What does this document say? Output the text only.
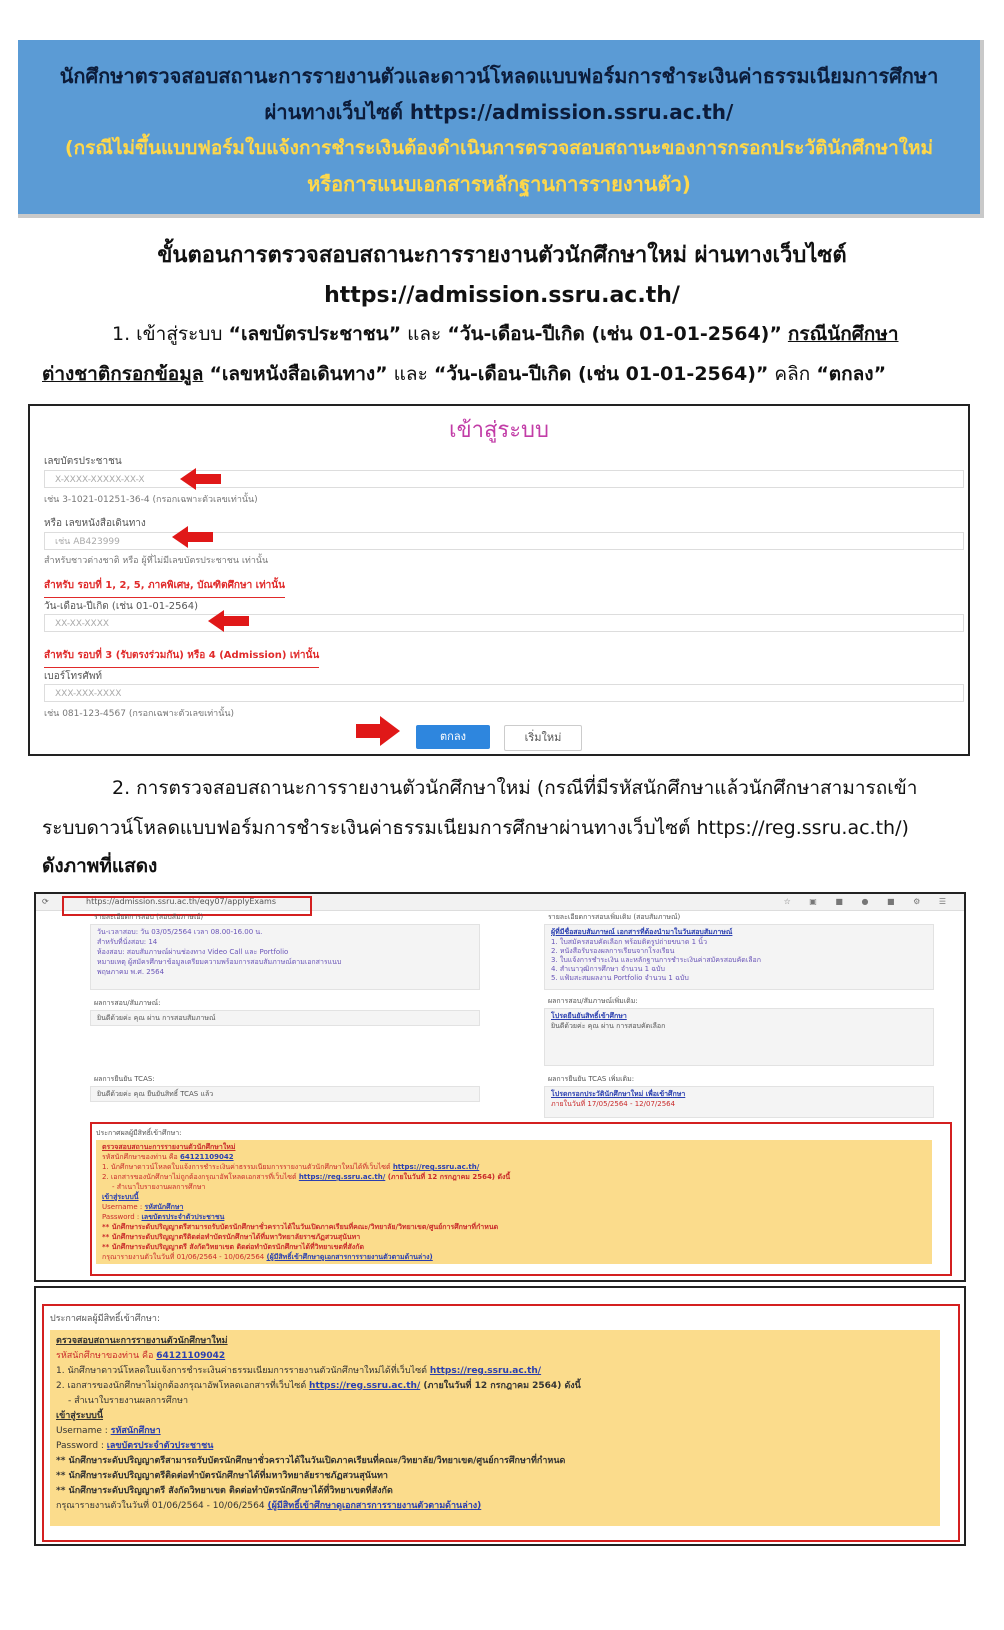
นักศึกษาตรวจสอบสถานะการรายงานตัวและดาวน์โหลดแบบฟอร์มการชำระเงินค่าธรรมเนียมการศึกษา
ผ่านทางเว็บไซต์ https://admission.ssru.ac.th/
(กรณีไม่ขึ้นแบบฟอร์มใบแจ้งการชำระเงินต้องดำเนินการตรวจสอบสถานะของการกรอกประวัตินักศึกษาใหม่
หรือการแนบเอกสารหลักฐานการรายงานตัว)
ขั้นตอนการตรวจสอบสถานะการรายงานตัวนักศึกษาใหม่ ผ่านทางเว็บไซต์
https://admission.ssru.ac.th/
1. เข้าสู่ระบบ “เลขบัตรประชาชน” และ “วัน-เดือน-ปีเกิด (เช่น 01-01-2564)” กรณีนักศึกษา
ต่างชาติกรอกข้อมูล “เลขหนังสือเดินทาง” และ “วัน-เดือน-ปีเกิด (เช่น 01-01-2564)” คลิก “ตกลง”
เข้าสู่ระบบ
เลขบัตรประชาชน
X-XXXX-XXXXX-XX-X
เช่น 3-1021-01251-36-4 (กรอกเฉพาะตัวเลขเท่านั้น)
หรือ เลขหนังสือเดินทาง
เช่น AB423999
สำหรับชาวต่างชาติ หรือ ผู้ที่ไม่มีเลขบัตรประชาชน เท่านั้น
สำหรับ รอบที่ 1, 2, 5, ภาคพิเศษ, บัณฑิตศึกษา เท่านั้น
วัน-เดือน-ปีเกิด (เช่น 01-01-2564)
XX-XX-XXXX
สำหรับ รอบที่ 3 (รับตรงร่วมกัน) หรือ 4 (Admission) เท่านั้น
เบอร์โทรศัพท์
XXX-XXX-XXXX
เช่น 081-123-4567 (กรอกเฉพาะตัวเลขเท่านั้น)
ตกลง	เริ่มใหม่
2. การตรวจสอบสถานะการรายงานตัวนักศึกษาใหม่ (กรณีที่มีรหัสนักศึกษาแล้วนักศึกษาสามารถเข้า
ระบบดาวน์โหลดแบบฟอร์มการชำระเงินค่าธรรมเนียมการศึกษาผ่านทางเว็บไซต์ https://reg.ssru.ac.th/)
ดังภาพที่แสดง
⟳	https://admission.ssru.ac.th/eqy07/applyExams	☆ ▣ ■ ● ■ ⚙ ☰
รายละเอียดการสอบ (สอบสัมภาษณ์)
วัน-เวลาสอบ: วัน 03/05/2564 เวลา 08.00-16.00 น.
สำหรับที่นั่งสอบ: 14
ห้องสอบ: สอบสัมภาษณ์ผ่านช่องทาง Video Call และ Portfolio
หมายเหตุ ผู้สมัครศึกษาข้อมูลเตรียมความพร้อมการสอบสัมภาษณ์ตามเอกสารแนบ
พฤษภาคม พ.ศ. 2564
ผลการสอบ/สัมภาษณ์:
ยินดีด้วยค่ะ คุณ ผ่าน การสอบสัมภาษณ์
ผลการยืนยัน TCAS:
ยินดีด้วยค่ะ คุณ ยืนยันสิทธิ์ TCAS แล้ว
รายละเอียดการสอบเพิ่มเติม (สอบสัมภาษณ์)
ผู้ที่มีชื่อสอบสัมภาษณ์ เอกสารที่ต้องนำมาในวันสอบสัมภาษณ์
1. ใบสมัครสอบคัดเลือก พร้อมติดรูปถ่ายขนาด 1 นิ้ว
2. หนังสือรับรองผลการเรียนจากโรงเรียน
3. ใบแจ้งการชำระเงิน และหลักฐานการชำระเงินค่าสมัครสอบคัดเลือก
4. สำเนาวุฒิการศึกษา จำนวน 1 ฉบับ
5. แฟ้มสะสมผลงาน Portfolio จำนวน 1 ฉบับ
ผลการสอบ/สัมภาษณ์เพิ่มเติม:
โปรดยืนยันสิทธิ์เข้าศึกษา
ยินดีด้วยค่ะ คุณ ผ่าน การสอบคัดเลือก
ผลการยืนยัน TCAS เพิ่มเติม:
โปรดกรอกประวัตินักศึกษาใหม่ เพื่อเข้าศึกษา
ภายในวันที่ 17/05/2564 - 12/07/2564
ประกาศผลผู้มีสิทธิ์เข้าศึกษา:
ตรวจสอบสถานะการรายงานตัวนักศึกษาใหม่
รหัสนักศึกษาของท่าน คือ 64121109042
1. นักศึกษาดาวน์โหลดใบแจ้งการชำระเงินค่าธรรมเนียมการรายงานตัวนักศึกษาใหม่ได้ที่เว็บไซต์ https://reg.ssru.ac.th/
2. เอกสารของนักศึกษาไม่ถูกต้องกรุณาอัพโหลดเอกสารที่เว็บไซต์ https://reg.ssru.ac.th/ (ภายในวันที่ 12 กรกฎาคม 2564) ดังนี้
- สำเนาใบรายงานผลการศึกษา
เข้าสู่ระบบนี้
Username : รหัสนักศึกษา
Password : เลขบัตรประจำตัวประชาชน
** นักศึกษาระดับปริญญาตรีสามารถรับบัตรนักศึกษาชั่วคราวได้ในวันเปิดภาคเรียนที่คณะ/วิทยาลัย/วิทยาเขต/ศูนย์การศึกษาที่กำหนด
** นักศึกษาระดับปริญญาตรีติดต่อทำบัตรนักศึกษาได้ที่มหาวิทยาลัยราชภัฏสวนสุนันทา
** นักศึกษาระดับปริญญาตรี สังกัดวิทยาเขต ติดต่อทำบัตรนักศึกษาได้ที่วิทยาเขตที่สังกัด
กรุณารายงานตัวในวันที่ 01/06/2564 - 10/06/2564 (ผู้มีสิทธิ์เข้าศึกษาดูเอกสารการรายงานตัวตามด้านล่าง)
ประกาศผลผู้มีสิทธิ์เข้าศึกษา:
ตรวจสอบสถานะการรายงานตัวนักศึกษาใหม่
รหัสนักศึกษาของท่าน คือ 64121109042
1. นักศึกษาดาวน์โหลดใบแจ้งการชำระเงินค่าธรรมเนียมการรายงานตัวนักศึกษาใหม่ได้ที่เว็บไซต์ https://reg.ssru.ac.th/
2. เอกสารของนักศึกษาไม่ถูกต้องกรุณาอัพโหลดเอกสารที่เว็บไซต์ https://reg.ssru.ac.th/ (ภายในวันที่ 12 กรกฎาคม 2564) ดังนี้
- สำเนาใบรายงานผลการศึกษา
เข้าสู่ระบบนี้
Username : รหัสนักศึกษา
Password : เลขบัตรประจำตัวประชาชน
** นักศึกษาระดับปริญญาตรีสามารถรับบัตรนักศึกษาชั่วคราวได้ในวันเปิดภาคเรียนที่คณะ/วิทยาลัย/วิทยาเขต/ศูนย์การศึกษาที่กำหนด
** นักศึกษาระดับปริญญาตรีติดต่อทำบัตรนักศึกษาได้ที่มหาวิทยาลัยราชภัฏสวนสุนันทา
** นักศึกษาระดับปริญญาตรี สังกัดวิทยาเขต ติดต่อทำบัตรนักศึกษาได้ที่วิทยาเขตที่สังกัด
กรุณารายงานตัวในวันที่ 01/06/2564 - 10/06/2564 (ผู้มีสิทธิ์เข้าศึกษาดูเอกสารการรายงานตัวตามด้านล่าง)
